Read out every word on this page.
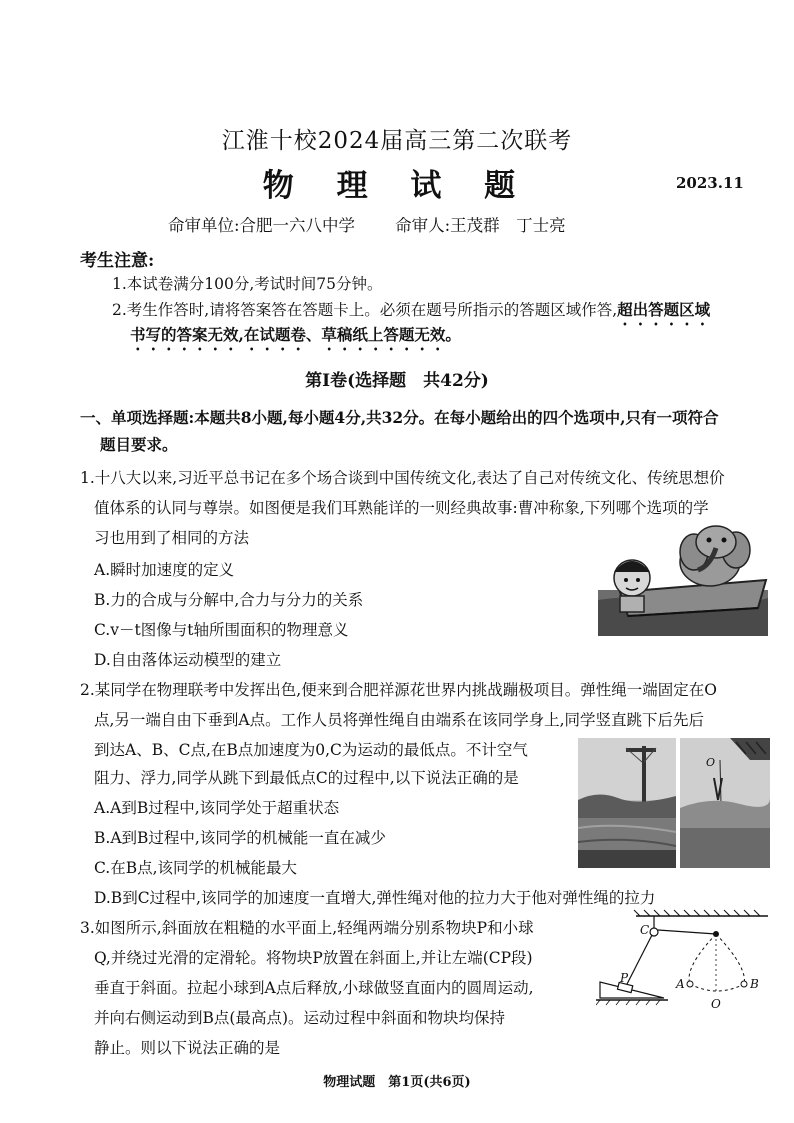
江淮十校2024届高三第二次联考
物 理 试 题	2023.11
命审单位:合肥一六八中学 命审人:王茂群　丁士亮
考生注意:
1.本试卷满分100分,考试时间75分钟。
2.考生作答时,请将答案答在答题卡上。必须在题号所指示的答题区域作答,超出答题区域
书写的答案无效,在试题卷、草稿纸上答题无效。
第Ⅰ卷(选择题　共42分)
一、单项选择题:本题共8小题,每小题4分,共32分。在每小题给出的四个选项中,只有一项符合
题目要求。
1.十八大以来,习近平总书记在多个场合谈到中国传统文化,表达了自己对传统文化、传统思想价
值体系的认同与尊崇。如图便是我们耳熟能详的一则经典故事:曹冲称象,下列哪个选项的学
习也用到了相同的方法
A.瞬时加速度的定义
B.力的合成与分解中,合力与分力的关系
C.v－t图像与t轴所围面积的物理意义
D.自由落体运动模型的建立
2.某同学在物理联考中发挥出色,便来到合肥祥源花世界内挑战蹦极项目。弹性绳一端固定在O
点,另一端自由下垂到A点。工作人员将弹性绳自由端系在该同学身上,同学竖直跳下后先后
到达A、B、C点,在B点加速度为0,C为运动的最低点。不计空气
阻力、浮力,同学从跳下到最低点C的过程中,以下说法正确的是
A.A到B过程中,该同学处于超重状态
B.A到B过程中,该同学的机械能一直在减少
C.在B点,该同学的机械能最大
D.B到C过程中,该同学的加速度一直增大,弹性绳对他的拉力大于他对弹性绳的拉力
O
3.如图所示,斜面放在粗糙的水平面上,轻绳两端分别系物块P和小球
Q,并绕过光滑的定滑轮。将物块P放置在斜面上,并让左端(CP段)
垂直于斜面。拉起小球到A点后释放,小球做竖直面内的圆周运动,
并向右侧运动到B点(最高点)。运动过程中斜面和物块均保持
静止。则以下说法正确的是
C
P	A	B
O
物理试题　第1页(共6页)
